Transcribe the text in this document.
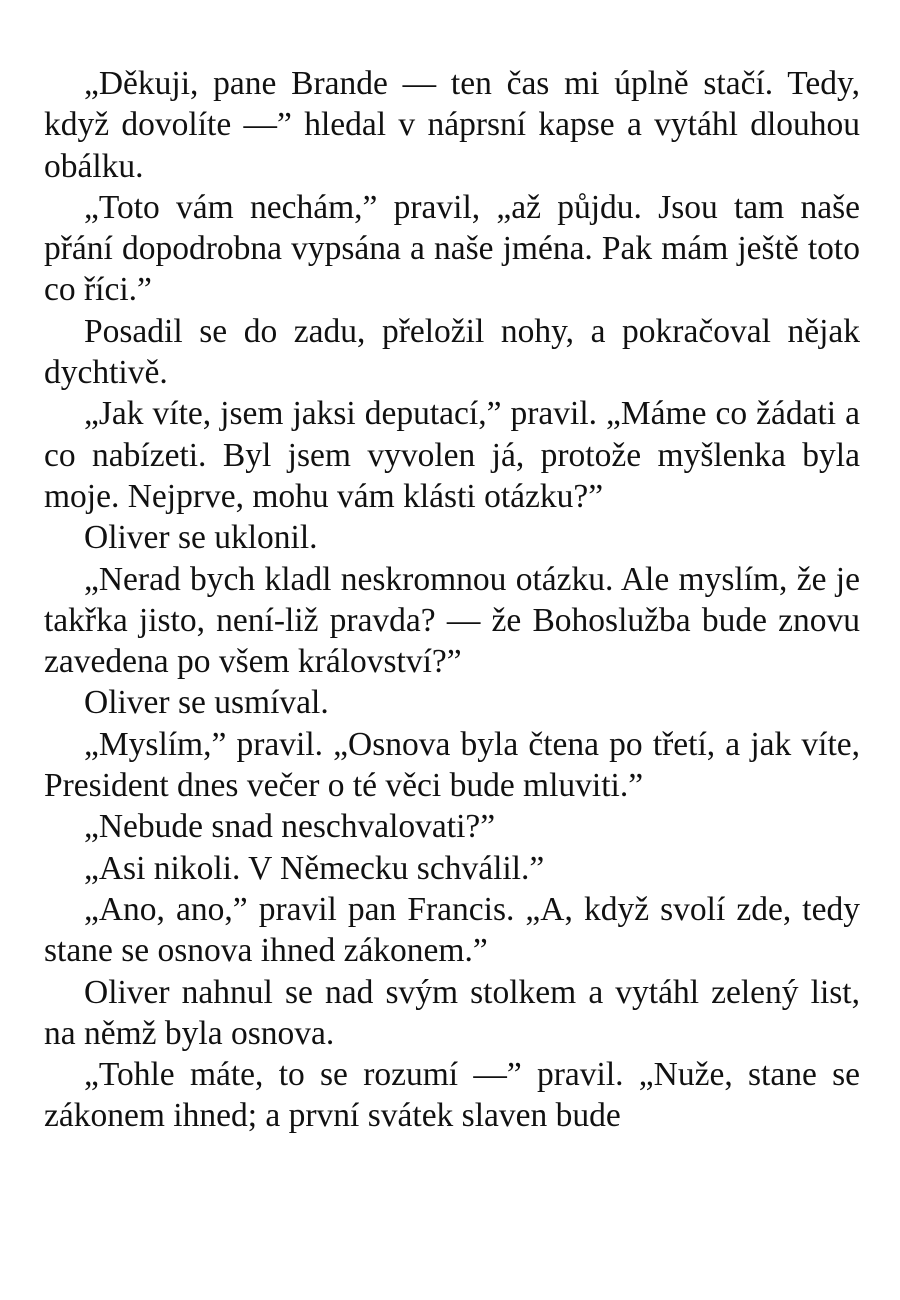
„Děkuji, pane Brande — ten čas mi úplně stačí. Tedy, když dovolíte —” hledal v náprsní kapse a vytáhl dlouhou obálku.

„Toto vám nechám,” pravil, „až půjdu. Jsou tam naše přání dopodrobna vypsána a naše jména. Pak mám ještě toto co říci.”

Posadil se do zadu, přeložil nohy, a pokračoval nějak dychtivě.

„Jak víte, jsem jaksi deputací,” pravil. „Máme co žádati a co nabízeti. Byl jsem vyvolen já, protože myšlenka byla moje. Nejprve, mohu vám klásti otázku?”

Oliver se uklonil.

„Nerad bych kladl neskromnou otázku. Ale myslím, že je takřka jisto, není-liž pravda? — že Bohoslužba bude znovu zavedena po všem království?”

Oliver se usmíval.

„Myslím,” pravil. „Osnova byla čtena po třetí, a jak víte, President dnes večer o té věci bude mluviti.”

„Nebude snad neschvalovati?”

„Asi nikoli. V Německu schválil.”

„Ano, ano,” pravil pan Francis. „A, když svolí zde, tedy stane se osnova ihned zákonem.”

Oliver nahnul se nad svým stolkem a vytáhl zelený list, na němž byla osnova.

„Tohle máte, to se rozumí —” pravil. „Nuže, stane se zákonem ihned; a první svátek slaven bude
